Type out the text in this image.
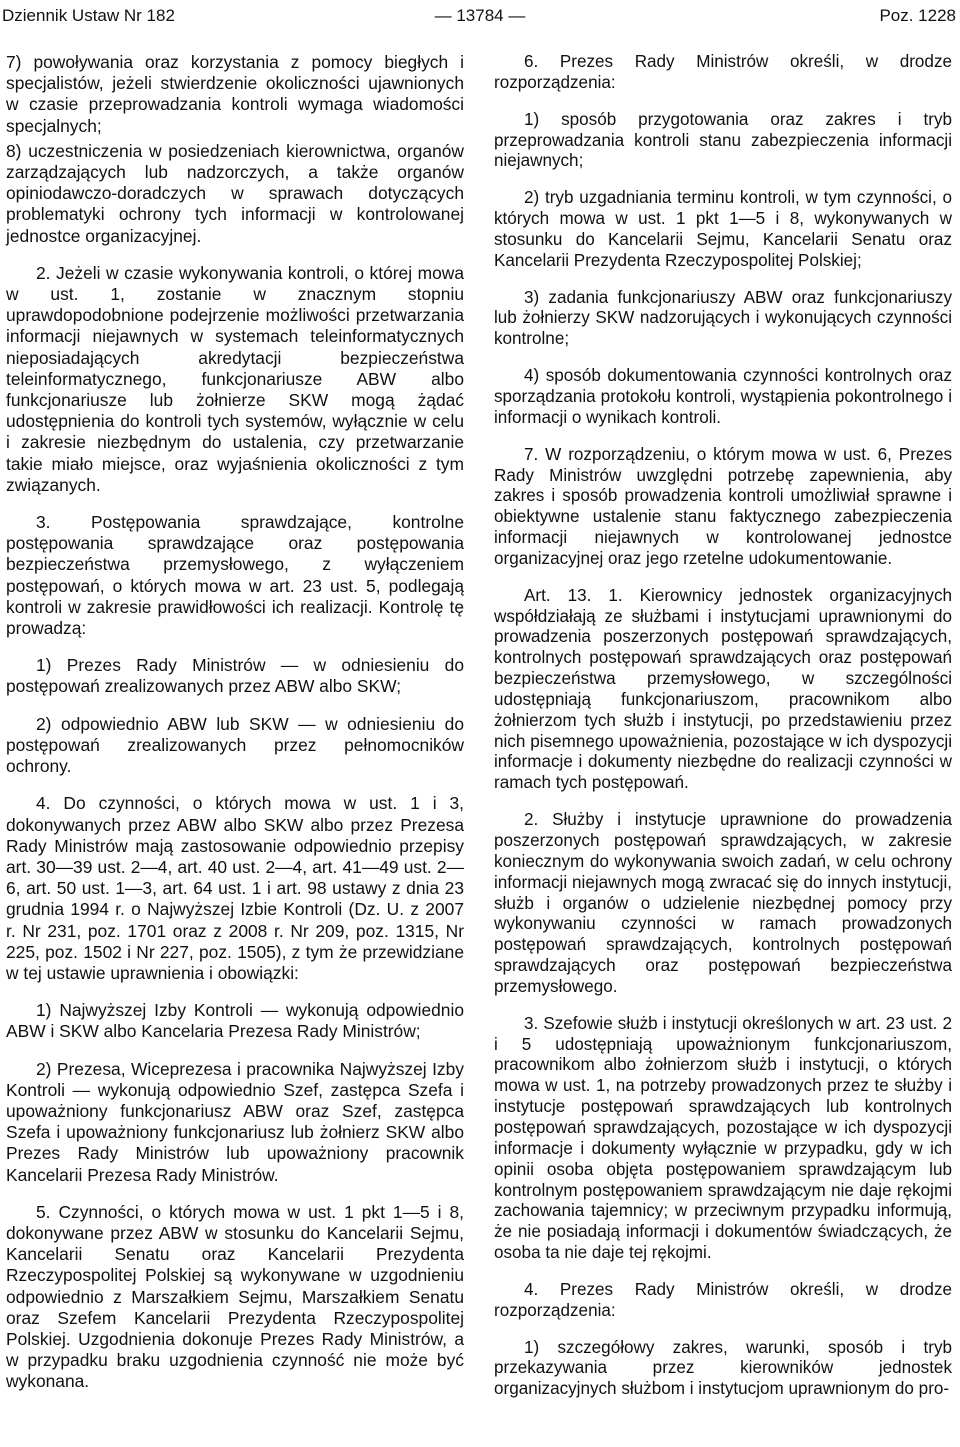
Dziennik Ustaw Nr 182	— 13784 —	Poz. 1228

7) powoływania oraz korzystania z pomocy biegłych i specjalistów, jeżeli stwierdzenie okoliczności ujawnionych w czasie przeprowadzania kontroli wymaga wiadomości specjalnych;

8) uczestniczenia w posiedzeniach kierownictwa, organów zarządzających lub nadzorczych, a także organów opiniodawczo-doradczych w sprawach dotyczących problematyki ochrony tych informacji w kontrolowanej jednostce organizacyjnej.

2. Jeżeli w czasie wykonywania kontroli, o której mowa w ust. 1, zostanie w znacznym stopniu uprawdopodobnione podejrzenie możliwości przetwarzania informacji niejawnych w systemach teleinformatycznych nieposiadających akredytacji bezpieczeństwa teleinformatycznego, funkcjonariusze ABW albo funkcjonariusze lub żołnierze SKW mogą żądać udostępnienia do kontroli tych systemów, wyłącznie w celu i zakresie niezbędnym do ustalenia, czy przetwarzanie takie miało miejsce, oraz wyjaśnienia okoliczności z tym związanych.

3. Postępowania sprawdzające, kontrolne postępowania sprawdzające oraz postępowania bezpieczeństwa przemysłowego, z wyłączeniem postępowań, o których mowa w art. 23 ust. 5, podlegają kontroli w zakresie prawidłowości ich realizacji. Kontrolę tę prowadzą:

1) Prezes Rady Ministrów — w odniesieniu do postępowań zrealizowanych przez ABW albo SKW;

2) odpowiednio ABW lub SKW — w odniesieniu do postępowań zrealizowanych przez pełnomocników ochrony.

4. Do czynności, o których mowa w ust. 1 i 3, dokonywanych przez ABW albo SKW albo przez Prezesa Rady Ministrów mają zastosowanie odpowiednio przepisy art. 30—39 ust. 2—4, art. 40 ust. 2—4, art. 41—49 ust. 2—6, art. 50 ust. 1—3, art. 64 ust. 1 i art. 98 ustawy z dnia 23 grudnia 1994 r. o Najwyższej Izbie Kontroli (Dz. U. z 2007 r. Nr 231, poz. 1701 oraz z 2008 r. Nr 209, poz. 1315, Nr 225, poz. 1502 i Nr 227, poz. 1505), z tym że przewidziane w tej ustawie uprawnienia i obowiązki:

1) Najwyższej Izby Kontroli — wykonują odpowiednio ABW i SKW albo Kancelaria Prezesa Rady Ministrów;

2) Prezesa, Wiceprezesa i pracownika Najwyższej Izby Kontroli — wykonują odpowiednio Szef, zastępca Szefa i upoważniony funkcjonariusz ABW oraz Szef, zastępca Szefa i upoważniony funkcjonariusz lub żołnierz SKW albo Prezes Rady Ministrów lub upoważniony pracownik Kancelarii Prezesa Rady Ministrów.

5. Czynności, o których mowa w ust. 1 pkt 1—5 i 8, dokonywane przez ABW w stosunku do Kancelarii Sejmu, Kancelarii Senatu oraz Kancelarii Prezydenta Rzeczypospolitej Polskiej są wykonywane w uzgodnieniu odpowiednio z Marszałkiem Sejmu, Marszałkiem Senatu oraz Szefem Kancelarii Prezydenta Rzeczypospolitej Polskiej. Uzgodnienia dokonuje Prezes Rady Ministrów, a w przypadku braku uzgodnienia czynność nie może być wykonana.

6. Prezes Rady Ministrów określi, w drodze rozporządzenia:

1) sposób przygotowania oraz zakres i tryb przeprowadzania kontroli stanu zabezpieczenia informacji niejawnych;

2) tryb uzgadniania terminu kontroli, w tym czynności, o których mowa w ust. 1 pkt 1—5 i 8, wykonywanych w stosunku do Kancelarii Sejmu, Kancelarii Senatu oraz Kancelarii Prezydenta Rzeczypospolitej Polskiej;

3) zadania funkcjonariuszy ABW oraz funkcjonariuszy lub żołnierzy SKW nadzorujących i wykonujących czynności kontrolne;

4) sposób dokumentowania czynności kontrolnych oraz sporządzania protokołu kontroli, wystąpienia pokontrolnego i informacji o wynikach kontroli.

7. W rozporządzeniu, o którym mowa w ust. 6, Prezes Rady Ministrów uwzględni potrzebę zapewnienia, aby zakres i sposób prowadzenia kontroli umożliwiał sprawne i obiektywne ustalenie stanu faktycznego zabezpieczenia informacji niejawnych w kontrolowanej jednostce organizacyjnej oraz jego rzetelne udokumentowanie.

Art. 13. 1. Kierownicy jednostek organizacyjnych współdziałają ze służbami i instytucjami uprawnionymi do prowadzenia poszerzonych postępowań sprawdzających, kontrolnych postępowań sprawdzających oraz postępowań bezpieczeństwa przemysłowego, w szczególności udostępniają funkcjonariuszom, pracownikom albo żołnierzom tych służb i instytucji, po przedstawieniu przez nich pisemnego upoważnienia, pozostające w ich dyspozycji informacje i dokumenty niezbędne do realizacji czynności w ramach tych postępowań.

2. Służby i instytucje uprawnione do prowadzenia poszerzonych postępowań sprawdzających, w zakresie koniecznym do wykonywania swoich zadań, w celu ochrony informacji niejawnych mogą zwracać się do innych instytucji, służb i organów o udzielenie niezbędnej pomocy przy wykonywaniu czynności w ramach prowadzonych postępowań sprawdzających, kontrolnych postępowań sprawdzających oraz postępowań bezpieczeństwa przemysłowego.

3. Szefowie służb i instytucji określonych w art. 23 ust. 2 i 5 udostępniają upoważnionym funkcjonariuszom, pracownikom albo żołnierzom służb i instytucji, o których mowa w ust. 1, na potrzeby prowadzonych przez te służby i instytucje postępowań sprawdzających lub kontrolnych postępowań sprawdzających, pozostające w ich dyspozycji informacje i dokumenty wyłącznie w przypadku, gdy w ich opinii osoba objęta postępowaniem sprawdzającym lub kontrolnym postępowaniem sprawdzającym nie daje rękojmi zachowania tajemnicy; w przeciwnym przypadku informują, że nie posiadają informacji i dokumentów świadczących, że osoba ta nie daje tej rękojmi.

4. Prezes Rady Ministrów określi, w drodze rozporządzenia:

1) szczegółowy zakres, warunki, sposób i tryb przekazywania przez kierowników jednostek organizacyjnych służbom i instytucjom uprawnionym do pro-
